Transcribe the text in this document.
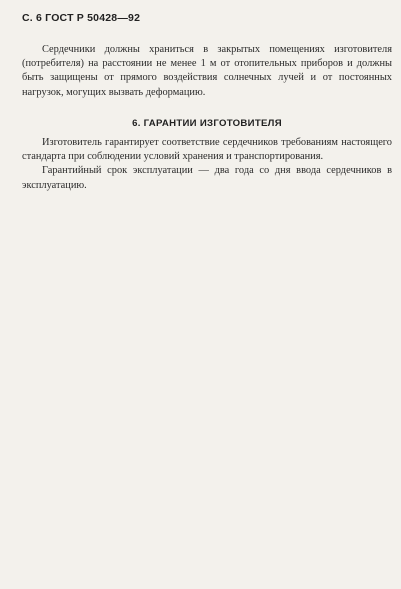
С. 6 ГОСТ Р 50428—92

Сердечники должны храниться в закрытых помещениях изготовителя (потребителя) на расстоянии не менее 1 м от отопительных приборов и должны быть защищены от прямого воздействия солнечных лучей и от постоянных нагрузок, могущих вызвать деформацию.

6. ГАРАНТИИ ИЗГОТОВИТЕЛЯ

Изготовитель гарантирует соответствие сердечников требованиям настоящего стандарта при соблюдении условий хранения и транспортирования.

Гарантийный срок эксплуатации — два года со дня ввода сердечников в эксплуатацию.
